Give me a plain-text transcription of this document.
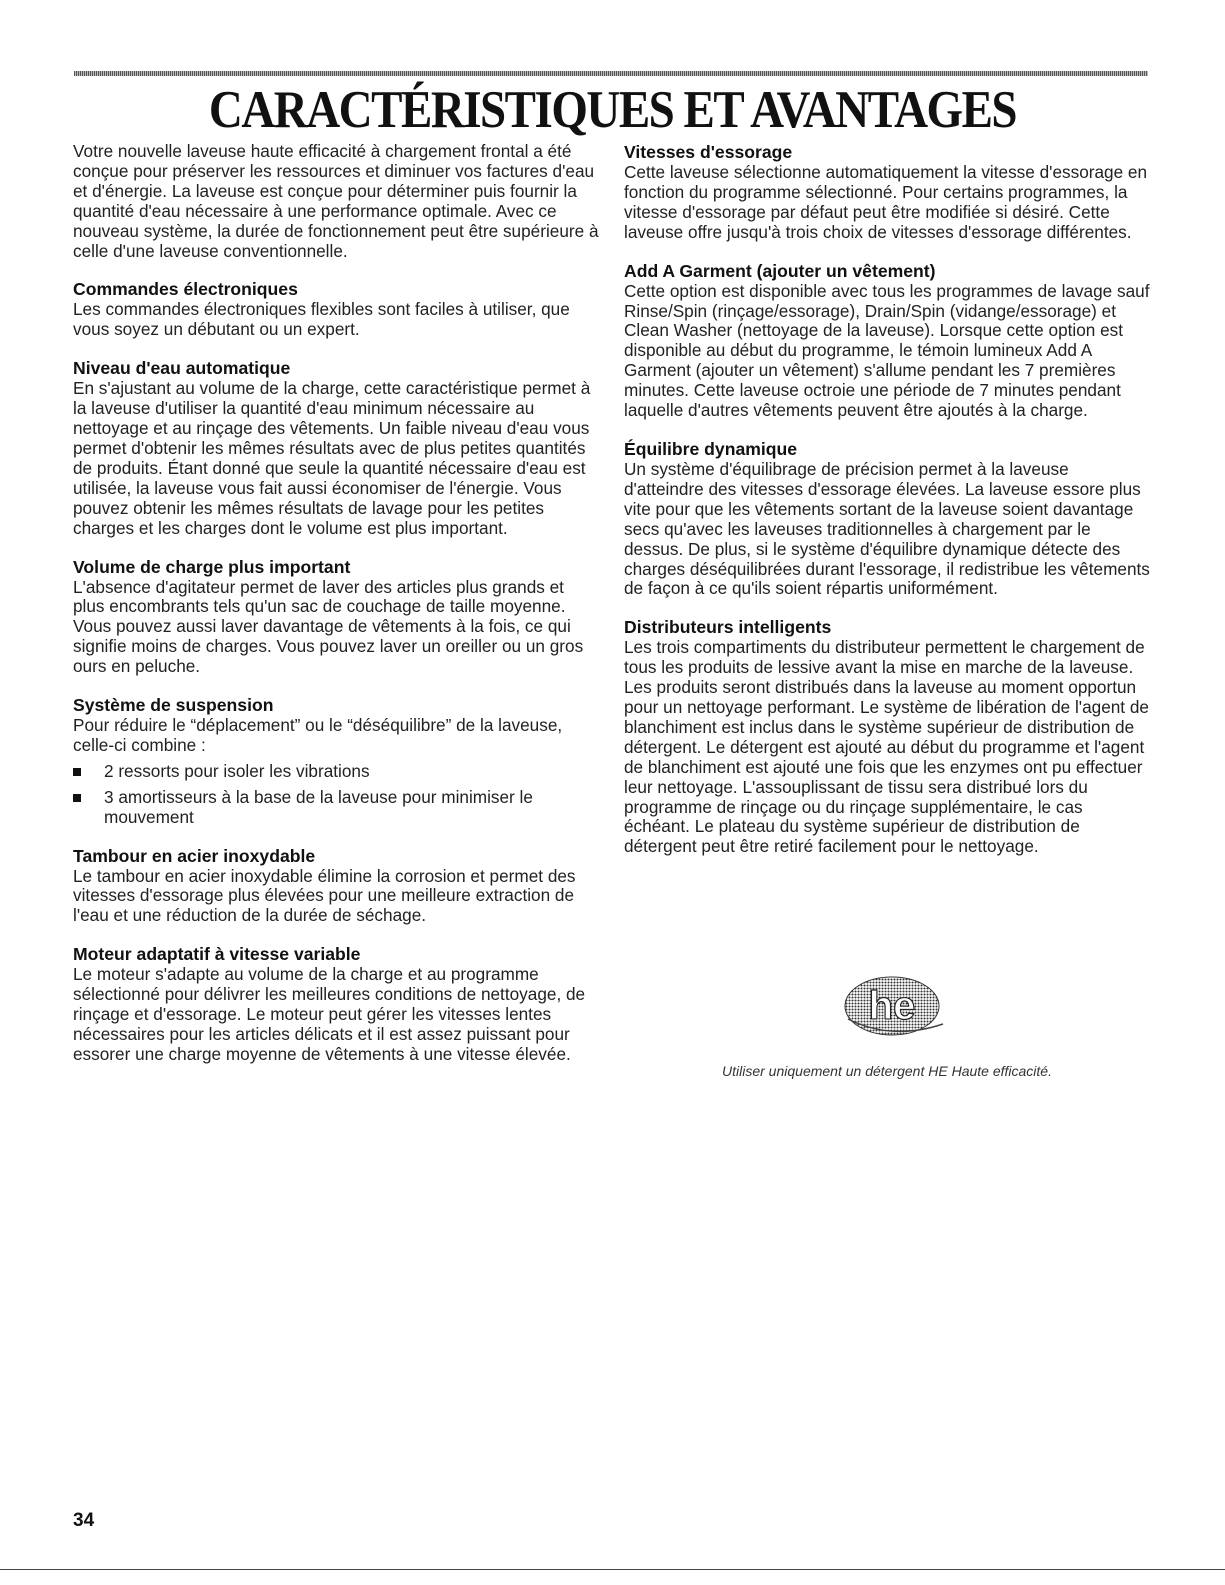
CARACTÉRISTIQUES ET AVANTAGES

Votre nouvelle laveuse haute efficacité à chargement frontal a été conçue pour préserver les ressources et diminuer vos factures d'eau et d'énergie. La laveuse est conçue pour déterminer puis fournir la quantité d'eau nécessaire à une performance optimale. Avec ce nouveau système, la durée de fonctionnement peut être supérieure à celle d'une laveuse conventionnelle.

Commandes électroniques

Les commandes électroniques flexibles sont faciles à utiliser, que vous soyez un débutant ou un expert.

Niveau d'eau automatique

En s'ajustant au volume de la charge, cette caractéristique permet à la laveuse d'utiliser la quantité d'eau minimum nécessaire au nettoyage et au rinçage des vêtements. Un faible niveau d'eau vous permet d'obtenir les mêmes résultats avec de plus petites quantités de produits. Étant donné que seule la quantité nécessaire d'eau est utilisée, la laveuse vous fait aussi économiser de l'énergie. Vous pouvez obtenir les mêmes résultats de lavage pour les petites charges et les charges dont le volume est plus important.

Volume de charge plus important

L'absence d'agitateur permet de laver des articles plus grands et plus encombrants tels qu'un sac de couchage de taille moyenne. Vous pouvez aussi laver davantage de vêtements à la fois, ce qui signifie moins de charges. Vous pouvez laver un oreiller ou un gros ours en peluche.

Système de suspension

Pour réduire le “déplacement” ou le “déséquilibre” de la laveuse, celle-ci combine :

2 ressorts pour isoler les vibrations
3 amortisseurs à la base de la laveuse pour minimiser le mouvement
Tambour en acier inoxydable

Le tambour en acier inoxydable élimine la corrosion et permet des vitesses d'essorage plus élevées pour une meilleure extraction de l'eau et une réduction de la durée de séchage.

Moteur adaptatif à vitesse variable

Le moteur s'adapte au volume de la charge et au programme sélectionné pour délivrer les meilleures conditions de nettoyage, de rinçage et d'essorage. Le moteur peut gérer les vitesses lentes nécessaires pour les articles délicats et il est assez puissant pour essorer une charge moyenne de vêtements à une vitesse élevée.

Vitesses d'essorage

Cette laveuse sélectionne automatiquement la vitesse d'essorage en fonction du programme sélectionné. Pour certains programmes, la vitesse d'essorage par défaut peut être modifiée si désiré. Cette laveuse offre jusqu'à trois choix de vitesses d'essorage différentes.

Add A Garment (ajouter un vêtement)

Cette option est disponible avec tous les programmes de lavage sauf Rinse/Spin (rinçage/essorage), Drain/Spin (vidange/essorage) et Clean Washer (nettoyage de la laveuse). Lorsque cette option est disponible au début du programme, le témoin lumineux Add A Garment (ajouter un vêtement) s'allume pendant les 7 premières minutes. Cette laveuse octroie une période de 7 minutes pendant laquelle d'autres vêtements peuvent être ajoutés à la charge.

Équilibre dynamique

Un système d'équilibrage de précision permet à la laveuse d'atteindre des vitesses d'essorage élevées. La laveuse essore plus vite pour que les vêtements sortant de la laveuse soient davantage secs qu'avec les laveuses traditionnelles à chargement par le dessus. De plus, si le système d'équilibre dynamique détecte des charges déséquilibrées durant l'essorage, il redistribue les vêtements de façon à ce qu'ils soient répartis uniformément.

Distributeurs intelligents

Les trois compartiments du distributeur permettent le chargement de tous les produits de lessive avant la mise en marche de la laveuse. Les produits seront distribués dans la laveuse au moment opportun pour un nettoyage performant. Le système de libération de l'agent de blanchiment est inclus dans le système supérieur de distribution de détergent. Le détergent est ajouté au début du programme et l'agent de blanchiment est ajouté une fois que les enzymes ont pu effectuer leur nettoyage. L'assouplissant de tissu sera distribué lors du programme de rinçage ou du rinçage supplémentaire, le cas échéant. Le plateau du système supérieur de distribution de détergent peut être retiré facilement pour le nettoyage.

he

Utiliser uniquement un détergent HE Haute efficacité.

34
